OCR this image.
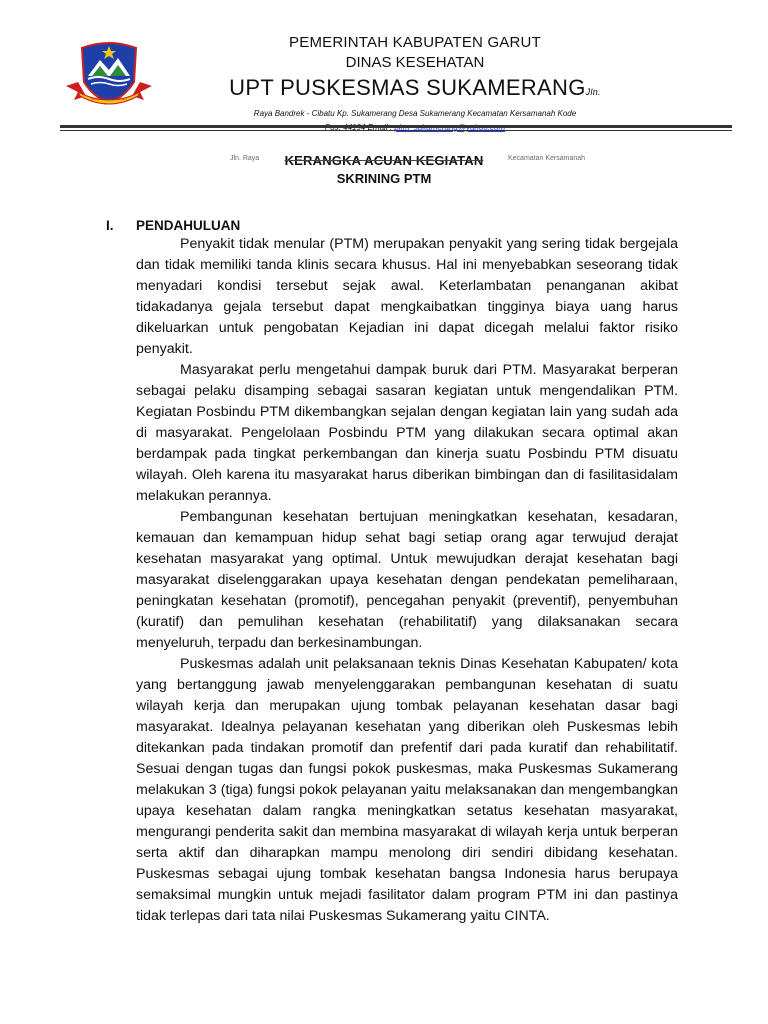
SUGENTEN GARUT
PEMERINTAH KABUPATEN GARUT
DINAS KESEHATAN
UPT PUSKESMAS SUKAMERANGJln.
Raya Bandrek - Cibatu Kp. Sukamerang Desa Sukamerang Kecamatan Kersamanah Kode
Pos: 44194 Email : pkm_sukamerang@yahoo.com
Jln. Raya	Kecamatan Kersamanah
KERANGKA ACUAN KEGIATAN
SKRINING PTM
I. PENDAHULUAN

Penyakit tidak menular (PTM) merupakan penyakit yang sering tidak bergejala dan tidak memiliki tanda klinis secara khusus. Hal ini menyebabkan seseorang tidak menyadari kondisi tersebut sejak awal. Keterlambatan penanganan akibat tidakadanya gejala tersebut dapat mengkaibatkan tingginya biaya uang harus dikeluarkan untuk pengobatan Kejadian ini dapat dicegah melalui faktor risiko penyakit.

Masyarakat perlu mengetahui dampak buruk dari PTM. Masyarakat berperan sebagai pelaku disamping sebagai sasaran kegiatan untuk mengendalikan PTM. Kegiatan Posbindu PTM dikembangkan sejalan dengan kegiatan lain yang sudah ada di masyarakat. Pengelolaan Posbindu PTM yang dilakukan secara optimal akan berdampak pada tingkat perkembangan dan kinerja suatu Posbindu PTM disuatu wilayah. Oleh karena itu masyarakat harus diberikan bimbingan dan di fasilitasidalam melakukan perannya.

Pembangunan kesehatan bertujuan meningkatkan kesehatan, kesadaran, kemauan dan kemampuan hidup sehat bagi setiap orang agar terwujud derajat kesehatan masyarakat yang optimal. Untuk mewujudkan derajat kesehatan bagi masyarakat diselenggarakan upaya kesehatan dengan pendekatan pemeliharaan, peningkatan kesehatan (promotif), pencegahan penyakit (preventif), penyembuhan (kuratif) dan pemulihan kesehatan (rehabilitatif) yang dilaksanakan secara menyeluruh, terpadu dan berkesinambungan.

Puskesmas adalah unit pelaksanaan teknis Dinas Kesehatan Kabupaten/ kota yang bertanggung jawab menyelenggarakan pembangunan kesehatan di suatu wilayah kerja dan merupakan ujung tombak pelayanan kesehatan dasar bagi masyarakat. Idealnya pelayanan kesehatan yang diberikan oleh Puskesmas lebih ditekankan pada tindakan promotif dan prefentif dari pada kuratif dan rehabilitatif. Sesuai dengan tugas dan fungsi pokok puskesmas, maka Puskesmas Sukamerang melakukan 3 (tiga) fungsi pokok pelayanan yaitu melaksanakan dan mengembangkan upaya kesehatan dalam rangka meningkatkan setatus kesehatan masyarakat, mengurangi penderita sakit dan membina masyarakat di wilayah kerja untuk berperan serta aktif dan diharapkan mampu menolong diri sendiri dibidang kesehatan. Puskesmas sebagai ujung tombak kesehatan bangsa Indonesia harus berupaya semaksimal mungkin untuk mejadi fasilitator dalam program PTM ini dan pastinya tidak terlepas dari tata nilai Puskesmas Sukamerang yaitu CINTA.
